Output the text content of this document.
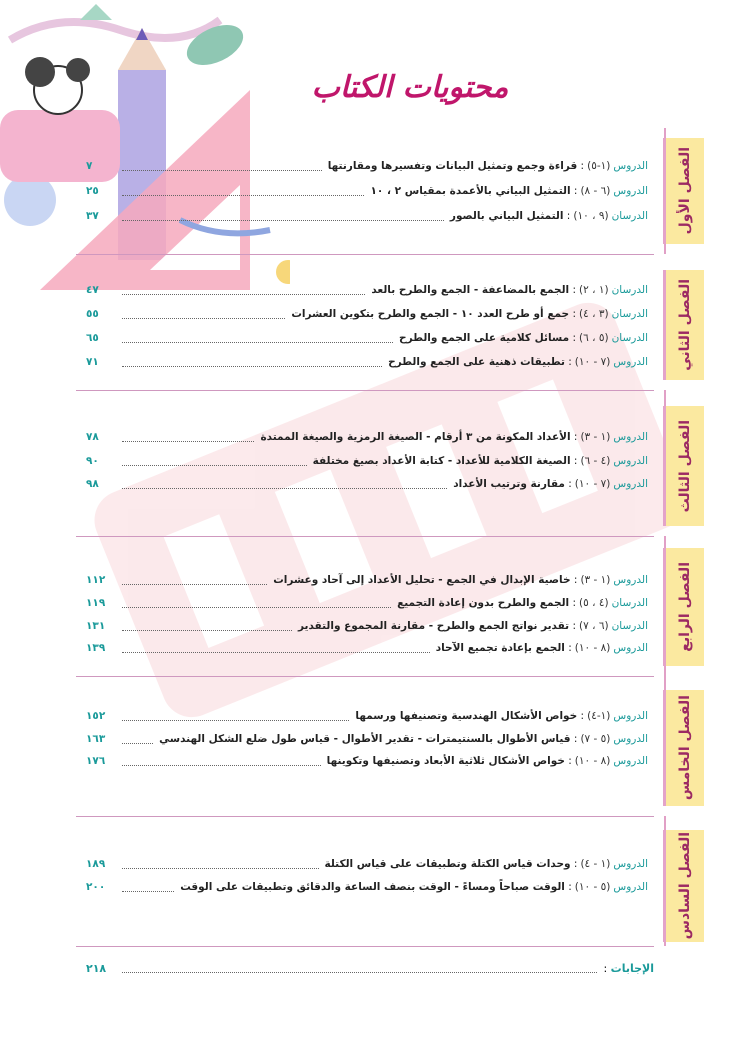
محتويات الكتاب
الفصل الأول
الدروس
(١-٥)
:
قراءة وجمع وتمثيل البيانات وتفسيرها ومقارنتها
٧
الدروس
(٦ - ٨)
:
التمثيل البياني بالأعمدة بمقياس ٢ ، ١٠
٢٥
الدرسان
(٩ ، ١٠)
:
التمثيل البياني بالصور
٣٧
الفصل الثاني
الدرسان
(١ ، ٢)
:
الجمع بالمضاعفة - الجمع والطرح بالعد
٤٧
الدرسان
(٣ ، ٤)
:
جمع أو طرح العدد ١٠ - الجمع والطرح بتكوين العشرات
٥٥
الدرسان
(٥ ، ٦)
:
مسائل كلامية على الجمع والطرح
٦٥
الدروس
(٧ - ١٠)
:
تطبيقات ذهنية على الجمع والطرح
٧١
الفصل الثالث
الدروس
(١ - ٣)
:
الأعداد المكونة من ٣ أرقام - الصيغة الرمزية والصيغة الممتدة
٧٨
الدروس
(٤ - ٦)
:
الصيغة الكلامية للأعداد - كتابة الأعداد بصيغ مختلفة
٩٠
الدروس
(٧ - ١٠)
:
مقارنة وترتيب الأعداد
٩٨
الفصل الرابع
الدروس
(١ - ٣)
:
خاصية الإبدال في الجمع - تحليل الأعداد إلى آحاد وعشرات
١١٢
الدرسان
(٤ ، ٥)
:
الجمع والطرح بدون إعادة التجميع
١١٩
الدرسان
(٦ ، ٧)
:
تقدير نواتج الجمع والطرح - مقارنة المجموع والتقدير
١٣١
الدروس
(٨ - ١٠)
:
الجمع بإعادة تجميع الآحاد
١٣٩
الفصل الخامس
الدروس
(١-٤)
:
خواص الأشكال الهندسية وتصنيفها ورسمها
١٥٢
الدروس
(٥ - ٧)
:
قياس الأطوال بالسنتيمترات - تقدير الأطوال - قياس طول ضلع الشكل الهندسي
١٦٣
الدروس
(٨ - ١٠)
:
خواص الأشكال ثلاثية الأبعاد وتصنيفها وتكوينها
١٧٦
الفصل السادس
الدروس
(١ - ٤)
:
وحدات قياس الكتلة وتطبيقات على قياس الكتلة
١٨٩
الدروس
(٥ - ١٠)
:
الوقت صباحاً ومساءً - الوقت بنصف الساعة والدقائق وتطبيقات على الوقت
٢٠٠
الإجابات
:
٢١٨
